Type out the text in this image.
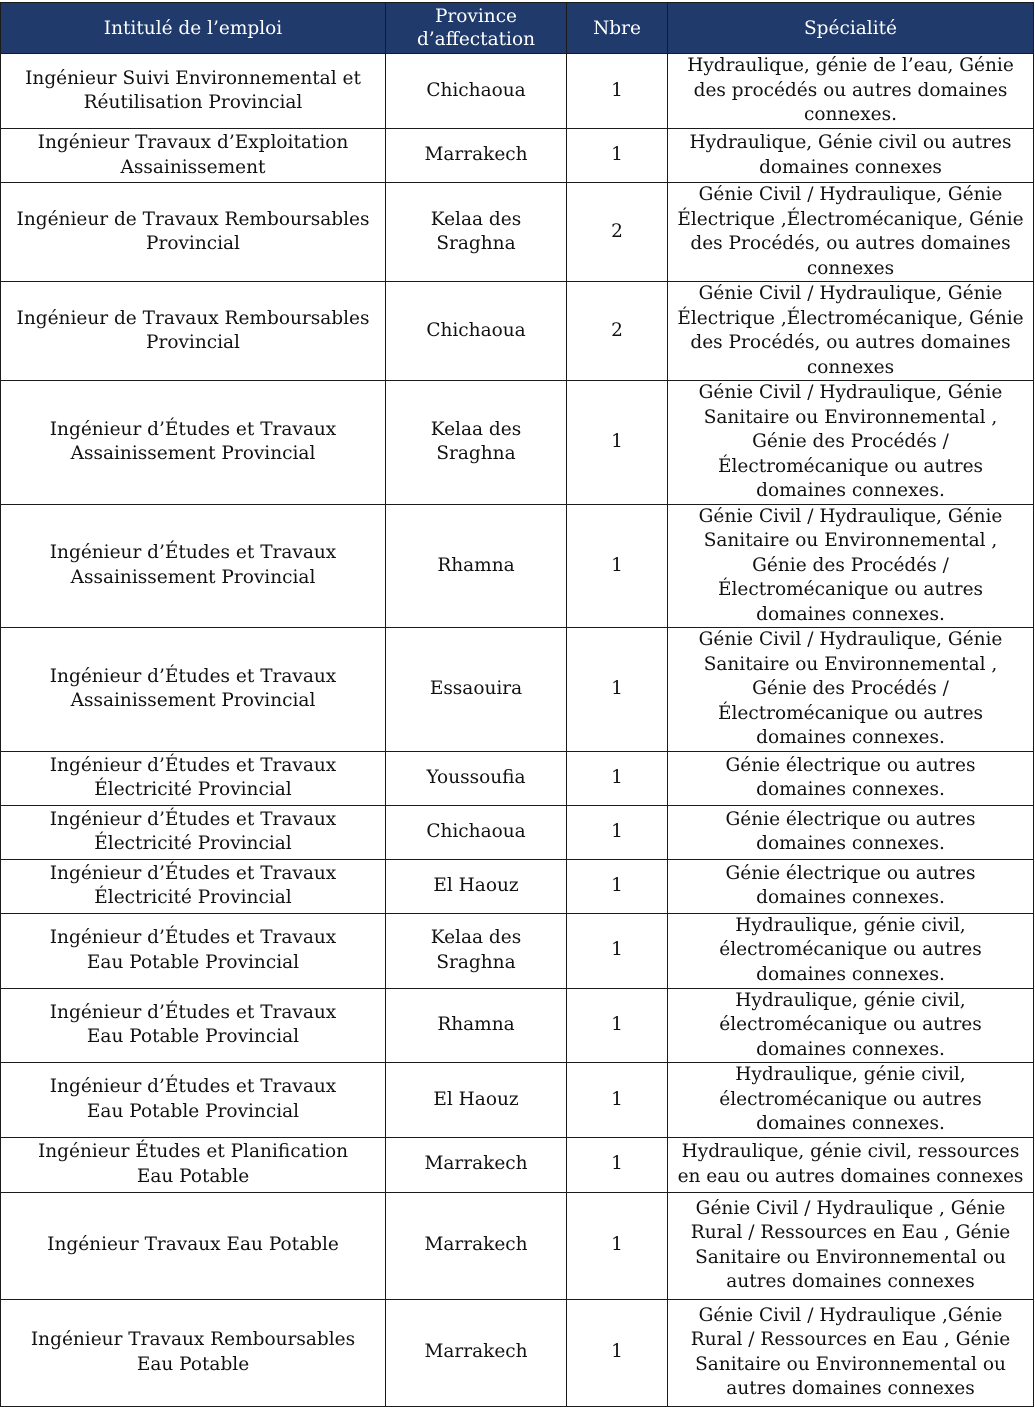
Intitulé de l’emploi	Province d’affectation	Nbre	Spécialité
Ingénieur Suivi Environnemental et Réutilisation Provincial	Chichaoua	1	Hydraulique, génie de l’eau, Génie des procédés ou autres domaines connexes.
Ingénieur Travaux d’Exploitation Assainissement	Marrakech	1	Hydraulique, Génie civil ou autres domaines connexes
Ingénieur de Travaux Remboursables Provincial	Kelaa des Sraghna	2	Génie Civil / Hydraulique, Génie Électrique ,Électromécanique, Génie des Procédés, ou autres domaines connexes
Ingénieur de Travaux Remboursables Provincial	Chichaoua	2	Génie Civil / Hydraulique, Génie Électrique ,Électromécanique, Génie des Procédés, ou autres domaines connexes
Ingénieur d’Études et Travaux Assainissement Provincial	Kelaa des Sraghna	1	Génie Civil / Hydraulique, Génie Sanitaire ou Environnemental , Génie des Procédés / Électromécanique ou autres domaines connexes.
Ingénieur d’Études et Travaux Assainissement Provincial	Rhamna	1	Génie Civil / Hydraulique, Génie Sanitaire ou Environnemental , Génie des Procédés / Électromécanique ou autres domaines connexes.
Ingénieur d’Études et Travaux Assainissement Provincial	Essaouira	1	Génie Civil / Hydraulique, Génie Sanitaire ou Environnemental , Génie des Procédés / Électromécanique ou autres domaines connexes.
Ingénieur d’Études et Travaux Électricité Provincial	Youssoufia	1	Génie électrique ou autres domaines connexes.
Ingénieur d’Études et Travaux Électricité Provincial	Chichaoua	1	Génie électrique ou autres domaines connexes.
Ingénieur d’Études et Travaux Électricité Provincial	El Haouz	1	Génie électrique ou autres domaines connexes.
Ingénieur d’Études et Travaux Eau Potable Provincial	Kelaa des Sraghna	1	Hydraulique, génie civil, électromécanique ou autres domaines connexes.
Ingénieur d’Études et Travaux Eau Potable Provincial	Rhamna	1	Hydraulique, génie civil, électromécanique ou autres domaines connexes.
Ingénieur d’Études et Travaux Eau Potable Provincial	El Haouz	1	Hydraulique, génie civil, électromécanique ou autres domaines connexes.
Ingénieur Études et Planification Eau Potable	Marrakech	1	Hydraulique, génie civil, ressources en eau ou autres domaines connexes
Ingénieur Travaux Eau Potable	Marrakech	1	Génie Civil / Hydraulique , Génie Rural / Ressources en Eau , Génie Sanitaire ou Environnemental ou autres domaines connexes
Ingénieur Travaux Remboursables Eau Potable	Marrakech	1	Génie Civil / Hydraulique ,Génie Rural / Ressources en Eau , Génie Sanitaire ou Environnemental ou autres domaines connexes
